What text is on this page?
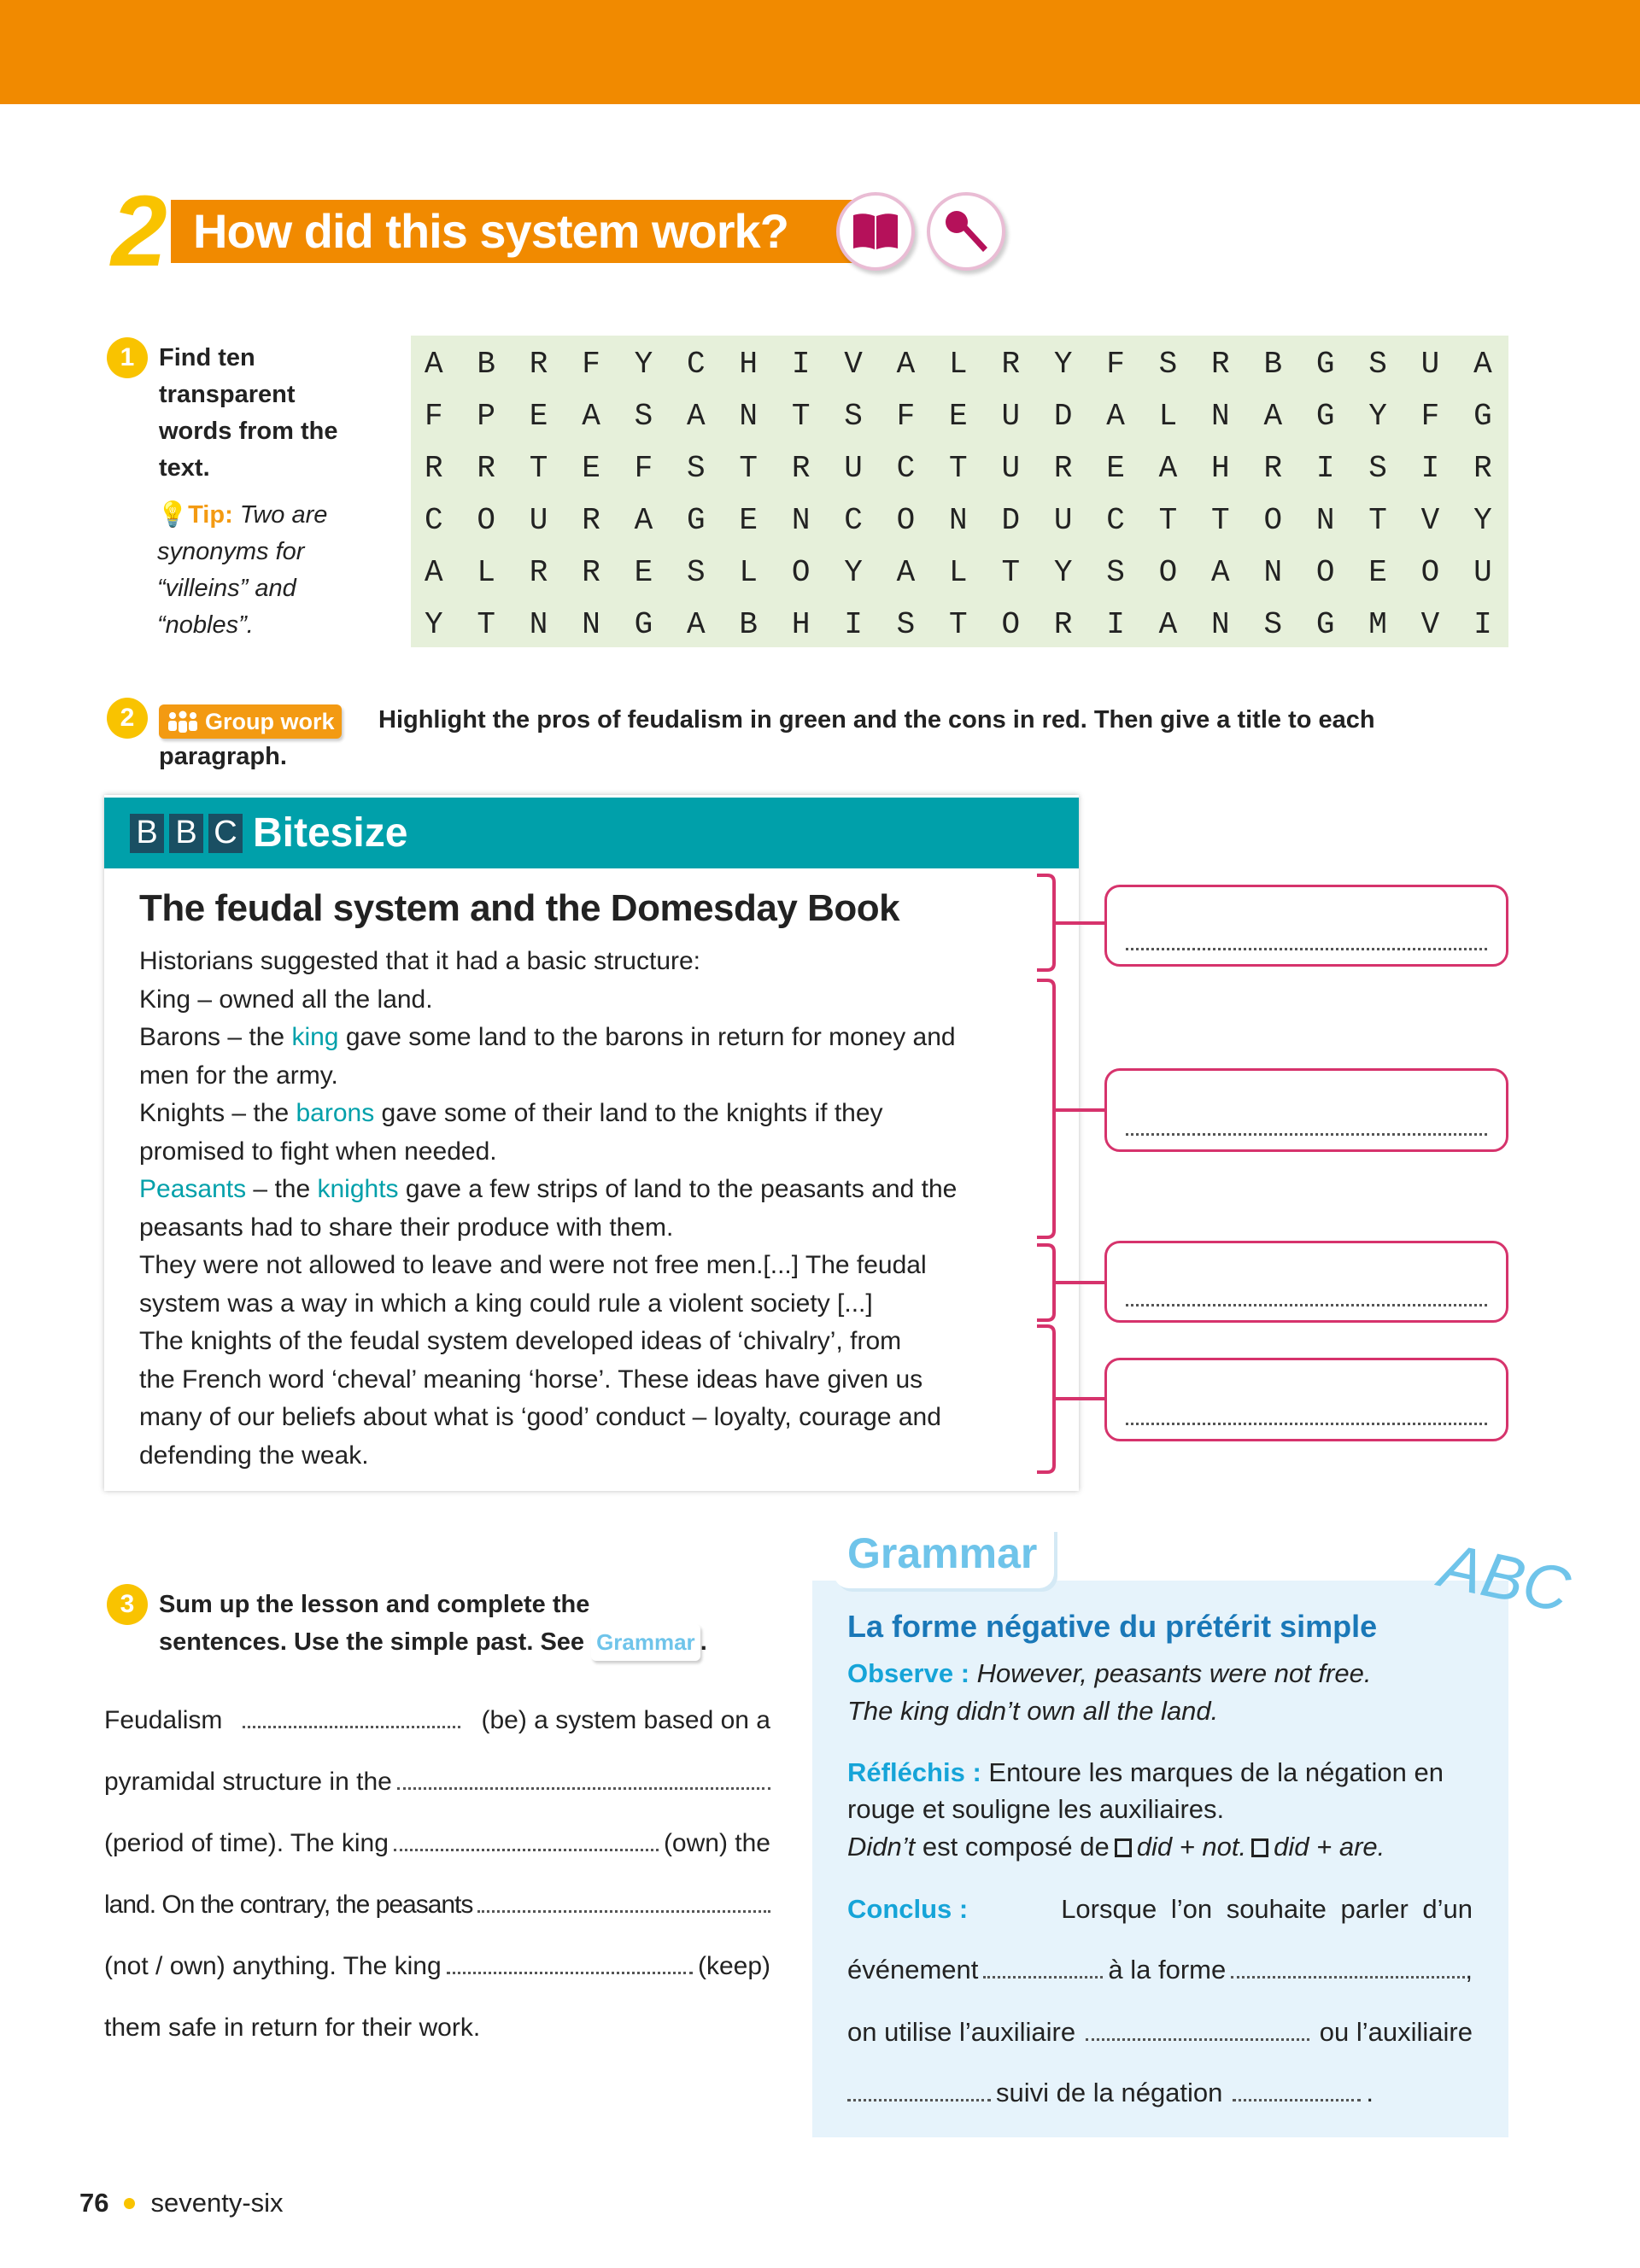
2 How did this system work?
1 Find ten
transparent
words from the
text.
💡Tip: Two are
synonyms for
“villeins” and
“nobles”.
ABRFYCHIVALRYFSRBGSUA
FPEASANTSFEUDALNAGYFG
RRTEFSTRUCTUREAHRISIR
COURAGENCONDUCTTONTVY
ALRRESLOYALTYSOANOEOU
YTNNGABHISTORIANSGMVI
2	Group work Highlight the pros of feudalism in green and the cons in red. Then give a title to each
paragraph.
B B C Bitesize
The feudal system and the Domesday Book
Historians suggested that it had a basic structure:
King – owned all the land.
Barons – the king gave some land to the barons in return for money and
men for the army.
Knights – the barons gave some of their land to the knights if they
promised to fight when needed.
Peasants – the knights gave a few strips of land to the peasants and the
peasants had to share their produce with them.
They were not allowed to leave and were not free men.[...] The feudal
system was a way in which a king could rule a violent society [...]
The knights of the feudal system developed ideas of ‘chivalry’, from
the French word ‘cheval’ meaning ‘horse’. These ideas have given us
many of our beliefs about what is ‘good’ conduct – loyalty, courage and
defending the weak.
3 Sum up the lesson and complete the
sentences. Use the simple past. See Grammar .
Feudalism	(be) a system based on a
pyramidal structure in the
(period of time). The king	(own) the
land. On the contrary, the peasants
(not / own) anything. The king	(keep)
them safe in return for their work.
Grammar	ABC
La forme négative du prétérit simple
Observe : However, peasants were not free.
The king didn’t own all the land.
Réfléchis : Entoure les marques de la négation en
rouge et souligne les auxiliaires.
Didn’t est composé de did + not. did + are.
Conclus :	Lorsque l’on souhaite parler d’un
événement	à la forme	,
on utilise l’auxiliaire	ou l’auxiliaire
suivi de la négation	.
76 seventy-six
